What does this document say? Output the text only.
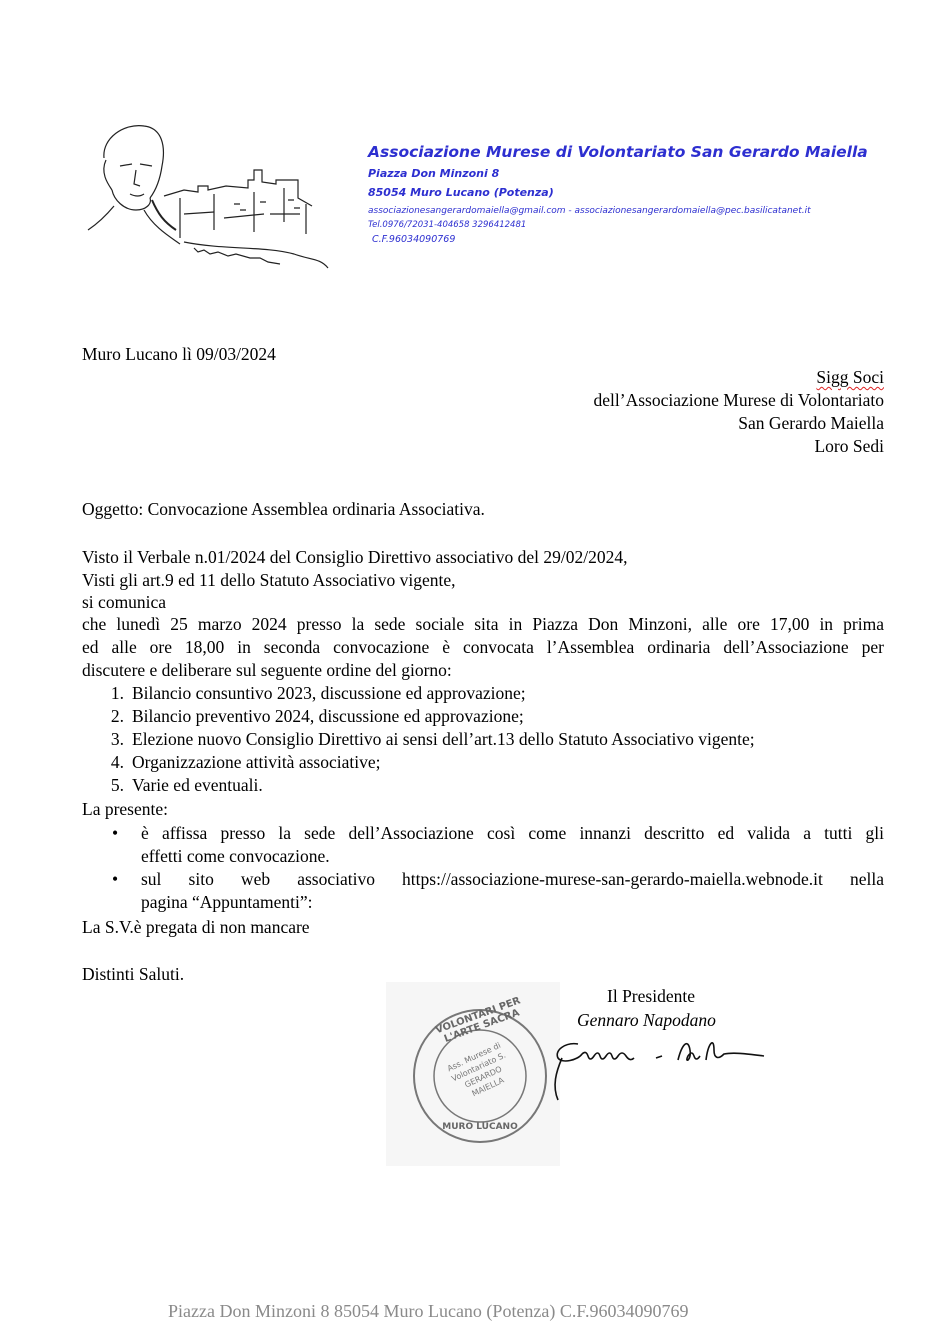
Associazione Murese di Volontariato San Gerardo Maiella
Piazza Don Minzoni 8
85054 Muro Lucano (Potenza)
associazionesangerardomaiella@gmail.com - associazionesangerardomaiella@pec.basilicatanet.it
Tel.0976/72031-404658 3296412481
C.F.96034090769
Muro Lucano lì 09/03/2024
Sigg Soci
dell’Associazione Murese di Volontariato
San Gerardo Maiella
Loro Sedi
Oggetto: Convocazione Assemblea ordinaria Associativa.
Visto il Verbale n.01/2024 del Consiglio Direttivo associativo del 29/02/2024,
Visti gli art.9 ed 11 dello Statuto Associativo vigente,
si comunica
che lunedì 25 marzo 2024 presso la sede sociale sita in Piazza Don Minzoni, alle ore 17,00 in prima
ed alle ore 18,00 in seconda convocazione è convocata l’Assemblea ordinaria dell’Associazione per
discutere e deliberare sul seguente ordine del giorno:
1. Bilancio consuntivo 2023, discussione ed approvazione;
2. Bilancio preventivo 2024, discussione ed approvazione;
3. Elezione nuovo Consiglio Direttivo ai sensi dell’art.13 dello Statuto Associativo vigente;
4. Organizzazione attività associative;
5. Varie ed eventuali.
La presente:
• è affissa presso la sede dell’Associazione così come innanzi descritto ed valida a tutti gli
effetti come convocazione.
• sul sito web associativo https://associazione-murese-san-gerardo-maiella.webnode.it nella
pagina “Appuntamenti”:
La S.V.è pregata di non mancare
Distinti Saluti.
VOLONTARI PER L'ARTE SACRA
Ass. Murese di Volontariato S. GERARDO MAIELLA
MURO LUCANO
Il Presidente
Gennaro Napodano
Piazza Don Minzoni 8 85054 Muro Lucano (Potenza) C.F.96034090769
